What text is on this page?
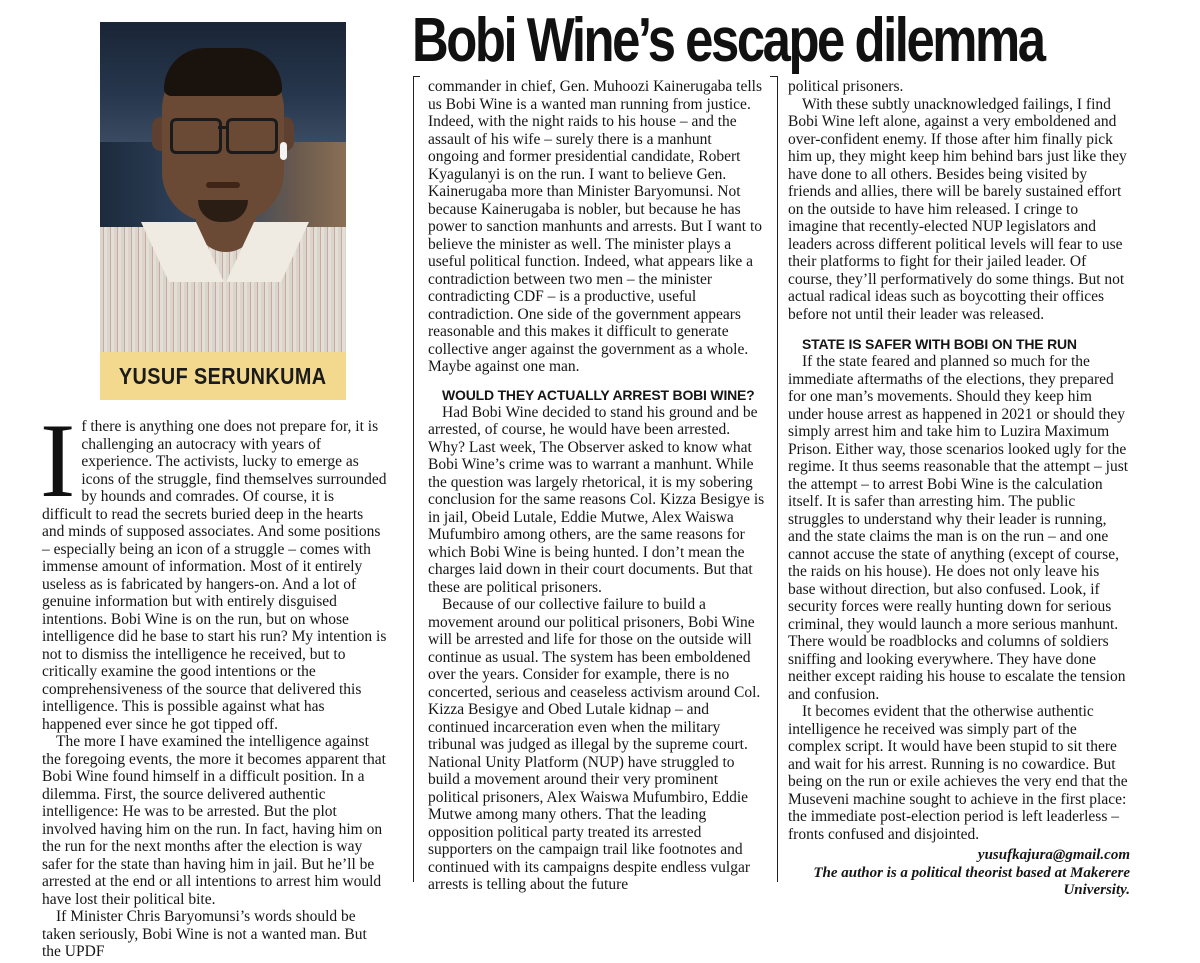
Bobi Wine’s escape dilemma
YUSUF SERUNKUMA

If there is anything one does not prepare for, it is challenging an autocracy with years of experience. The activists, lucky to emerge as icons of the struggle, find themselves surrounded by hounds and comrades. Of course, it is difficult to read the secrets buried deep in the hearts and minds of supposed associates. And some positions – especially being an icon of a struggle – comes with immense amount of information. Most of it entirely useless as is fabricated by hangers-on. And a lot of genuine information but with entirely disguised intentions. Bobi Wine is on the run, but on whose intelligence did he base to start his run? My intention is not to dismiss the intelligence he received, but to critically examine the good intentions or the comprehensiveness of the source that delivered this intelligence. This is possible against what has happened ever since he got tipped off.

The more I have examined the intelligence against the foregoing events, the more it becomes apparent that Bobi Wine found himself in a difficult position. In a dilemma. First, the source delivered authentic intelligence: He was to be arrested. But the plot involved having him on the run. In fact, having him on the run for the next months after the election is way safer for the state than having him in jail. But he’ll be arrested at the end or all intentions to arrest him would have lost their political bite.

If Minister Chris Baryomunsi’s words should be taken seriously, Bobi Wine is not a wanted man. But the UPDF

commander in chief, Gen. Muhoozi Kainerugaba tells us Bobi Wine is a wanted man running from justice. Indeed, with the night raids to his house – and the assault of his wife – surely there is a manhunt ongoing and former presidential candidate, Robert Kyagulanyi is on the run. I want to believe Gen. Kainerugaba more than Minister Baryomunsi. Not because Kainerugaba is nobler, but because he has power to sanction manhunts and arrests. But I want to believe the minister as well. The minister plays a useful political function. Indeed, what appears like a contradiction between two men – the minister contradicting CDF – is a productive, useful contradiction. One side of the government appears reasonable and this makes it difficult to generate collective anger against the government as a whole. Maybe against one man.

WOULD THEY ACTUALLY ARREST BOBI WINE?

Had Bobi Wine decided to stand his ground and be arrested, of course, he would have been arrested. Why? Last week, The Observer asked to know what Bobi Wine’s crime was to warrant a manhunt. While the question was largely rhetorical, it is my sobering conclusion for the same reasons Col. Kizza Besigye is in jail, Obeid Lutale, Eddie Mutwe, Alex Waiswa Mufumbiro among others, are the same reasons for which Bobi Wine is being hunted. I don’t mean the charges laid down in their court documents. But that these are political prisoners.

Because of our collective failure to build a movement around our political prisoners, Bobi Wine will be arrested and life for those on the outside will continue as usual. The system has been emboldened over the years. Consider for example, there is no concerted, serious and ceaseless activism around Col. Kizza Besigye and Obed Lutale kidnap – and continued incarceration even when the military tribunal was judged as illegal by the supreme court. National Unity Platform (NUP) have struggled to build a movement around their very prominent political prisoners, Alex Waiswa Mufumbiro, Eddie Mutwe among many others. That the leading opposition political party treated its arrested supporters on the campaign trail like footnotes and continued with its campaigns despite endless vulgar arrests is telling about the future

political prisoners.

With these subtly unacknowledged failings, I find Bobi Wine left alone, against a very emboldened and over-confident enemy. If those after him finally pick him up, they might keep him behind bars just like they have done to all others. Besides being visited by friends and allies, there will be barely sustained effort on the outside to have him released. I cringe to imagine that recently-elected NUP legislators and leaders across different political levels will fear to use their platforms to fight for their jailed leader. Of course, they’ll performatively do some things. But not actual radical ideas such as boycotting their offices before not until their leader was released.

STATE IS SAFER WITH BOBI ON THE RUN

If the state feared and planned so much for the immediate aftermaths of the elections, they prepared for one man’s movements. Should they keep him under house arrest as happened in 2021 or should they simply arrest him and take him to Luzira Maximum Prison. Either way, those scenarios looked ugly for the regime. It thus seems reasonable that the attempt – just the attempt – to arrest Bobi Wine is the calculation itself. It is safer than arresting him. The public struggles to understand why their leader is running, and the state claims the man is on the run – and one cannot accuse the state of anything (except of course, the raids on his house). He does not only leave his base without direction, but also confused. Look, if security forces were really hunting down for serious criminal, they would launch a more serious manhunt. There would be roadblocks and columns of soldiers sniffing and looking everywhere. They have done neither except raiding his house to escalate the tension and confusion.

It becomes evident that the otherwise authentic intelligence he received was simply part of the complex script. It would have been stupid to sit there and wait for his arrest. Running is no cowardice. But being on the run or exile achieves the very end that the Museveni machine sought to achieve in the first place: the immediate post-election period is left leaderless – fronts confused and disjointed.

yusufkajura@gmail.com

The author is a political theorist based at Makerere University.
